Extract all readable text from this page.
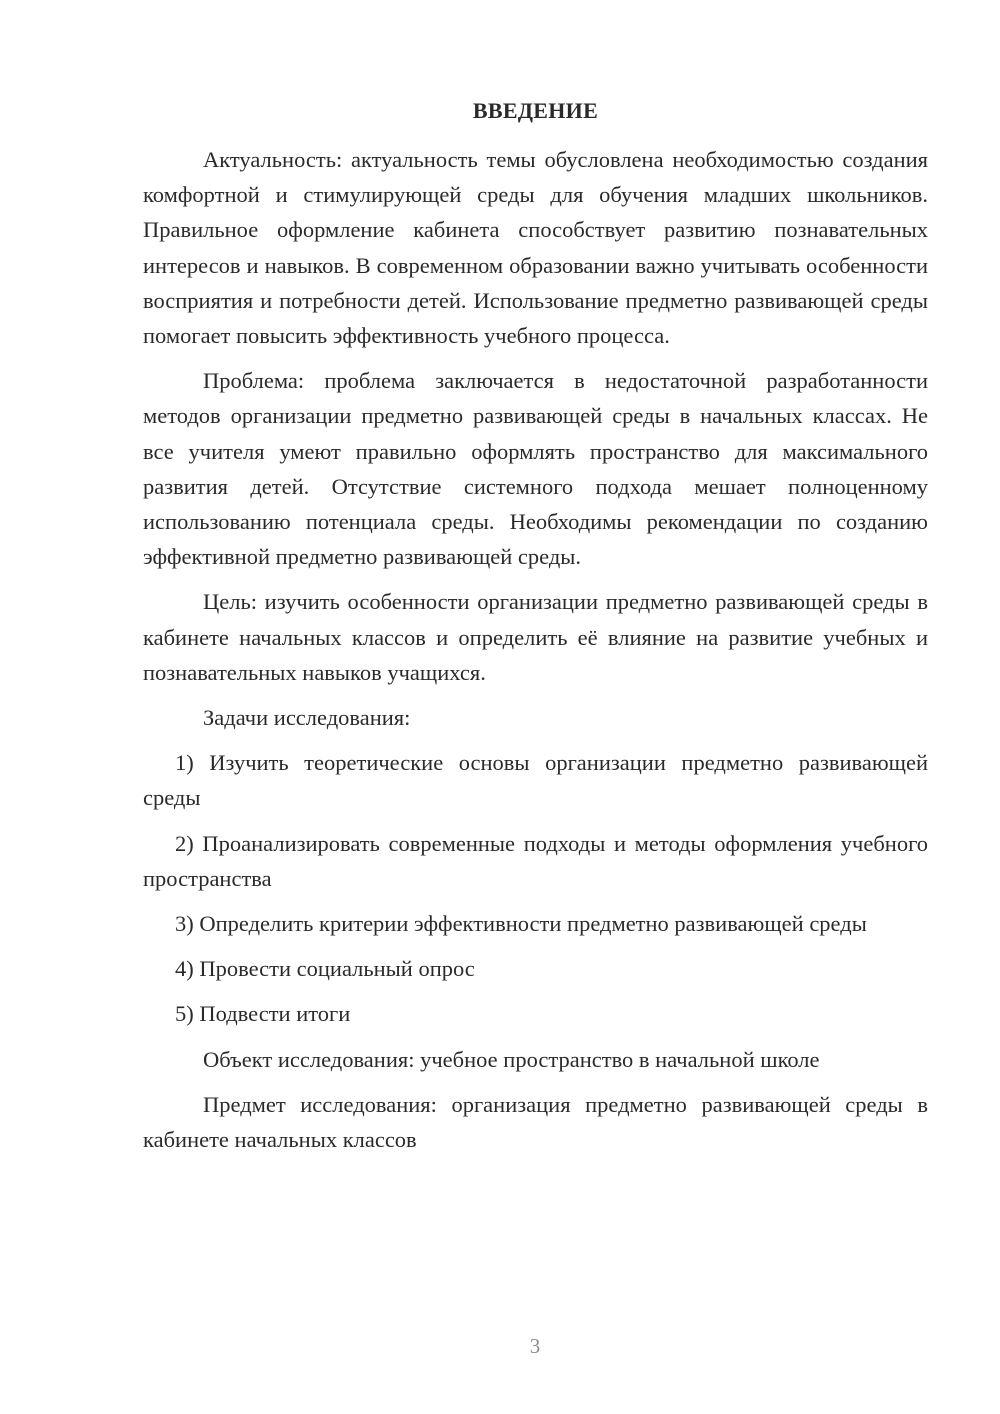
ВВЕДЕНИЕ

Актуальность: актуальность темы обусловлена необходимостью создания комфортной и стимулирующей среды для обучения младших школьников. Правильное оформление кабинета способствует развитию познавательных интересов и навыков. В современном образовании важно учитывать особенности восприятия и потребности детей. Использование предметно развивающей среды помогает повысить эффективность учебного процесса.

Проблема: проблема заключается в недостаточной разработанности методов организации предметно развивающей среды в начальных классах. Не все учителя умеют правильно оформлять пространство для максимального развития детей. Отсутствие системного подхода мешает полноценному использованию потенциала среды. Необходимы рекомендации по созданию эффективной предметно развивающей среды.

Цель: изучить особенности организации предметно развивающей среды в кабинете начальных классов и определить её влияние на развитие учебных и познавательных навыков учащихся.

Задачи исследования:

1) Изучить теоретические основы организации предметно развивающей среды

2) Проанализировать современные подходы и методы оформления учебного пространства

3) Определить критерии эффективности предметно развивающей среды

4) Провести социальный опрос

5) Подвести итоги

Объект исследования: учебное пространство в начальной школе

Предмет исследования: организация предметно развивающей среды в кабинете начальных классов

3
